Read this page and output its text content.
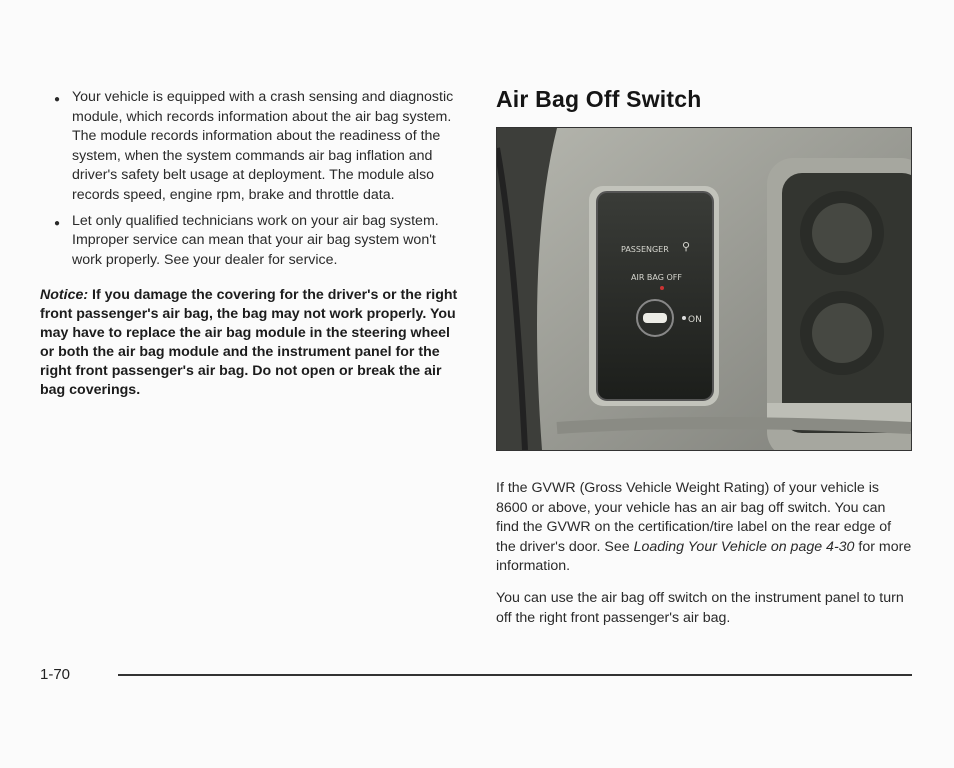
● Your vehicle is equipped with a crash sensing and diagnostic module, which records information about the air bag system. The module records information about the readiness of the system, when the system commands air bag inflation and driver's safety belt usage at deployment. The module also records speed, engine rpm, brake and throttle data.
● Let only qualified technicians work on your air bag system. Improper service can mean that your air bag system won't work properly. See your dealer for service.
Notice: If you damage the covering for the driver's or the right front passenger's air bag, the bag may not work properly. You may have to replace the air bag module in the steering wheel or both the air bag module and the instrument panel for the right front passenger's air bag. Do not open or break the air bag coverings.
Air Bag Off Switch
PASSENGER ⚲
AIR BAG OFF
ON

If the GVWR (Gross Vehicle Weight Rating) of your vehicle is 8600 or above, your vehicle has an air bag off switch. You can find the GVWR on the certification/tire label on the rear edge of the driver's door. See Loading Your Vehicle on page 4-30 for more information.

You can use the air bag off switch on the instrument panel to turn off the right front passenger's air bag.

1-70
